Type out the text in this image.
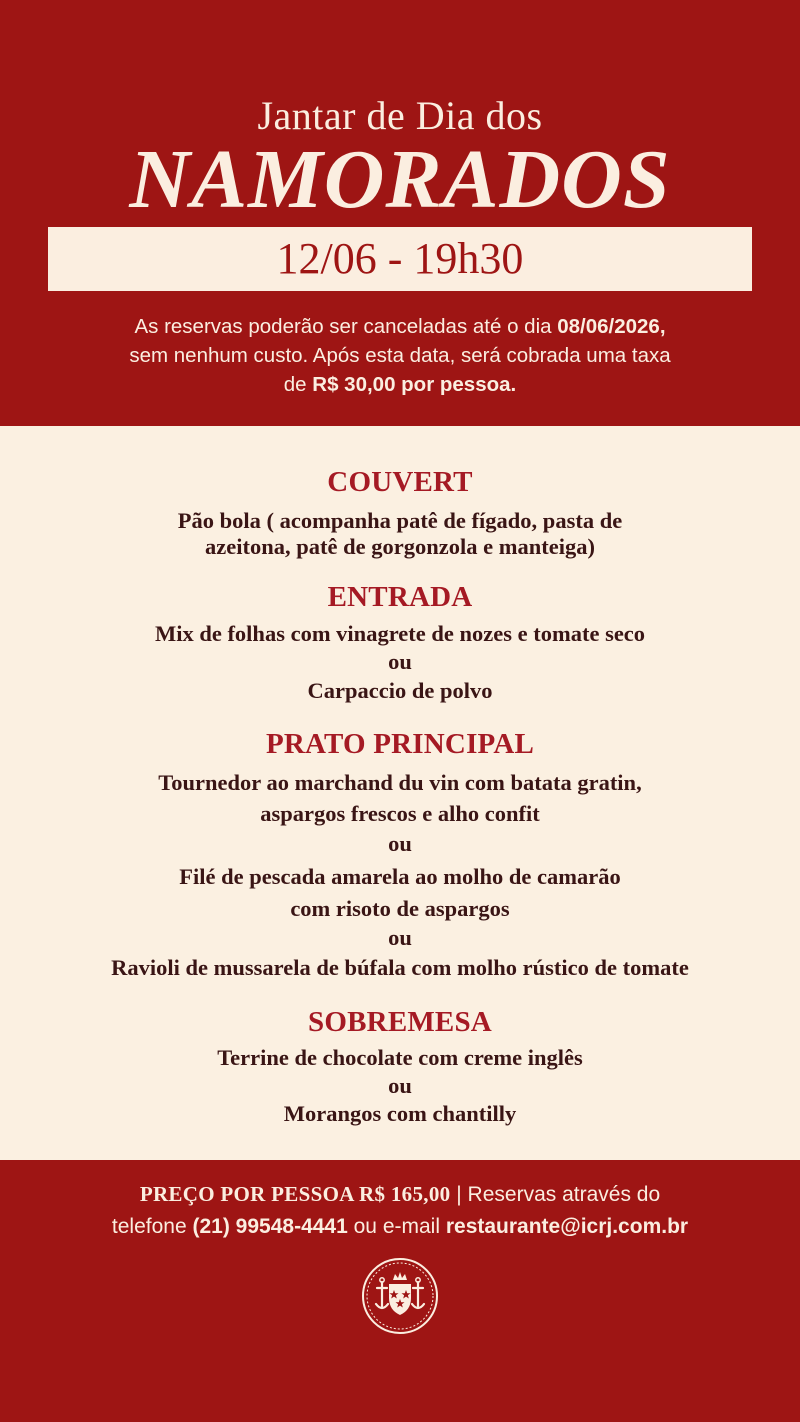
Jantar de Dia dos
NAMORADOS
12/06 - 19h30
As reservas poderão ser canceladas até o dia 08/06/2026,
sem nenhum custo. Após esta data, será cobrada uma taxa
de R$ 30,00 por pessoa.
COUVERT
Pão bola ( acompanha patê de fígado, pasta de
azeitona, patê de gorgonzola e manteiga)
ENTRADA
Mix de folhas com vinagrete de nozes e tomate seco
ou
Carpaccio de polvo
PRATO PRINCIPAL
Tournedor ao marchand du vin com batata gratin,
aspargos frescos e alho confit
ou
Filé de pescada amarela ao molho de camarão
com risoto de aspargos
ou
Ravioli de mussarela de búfala com molho rústico de tomate
SOBREMESA
Terrine de chocolate com creme inglês
ou
Morangos com chantilly
PREÇO POR PESSOA R$ 165,00 | Reservas através do
telefone (21) 99548-4441 ou e-mail restaurante@icrj.com.br
